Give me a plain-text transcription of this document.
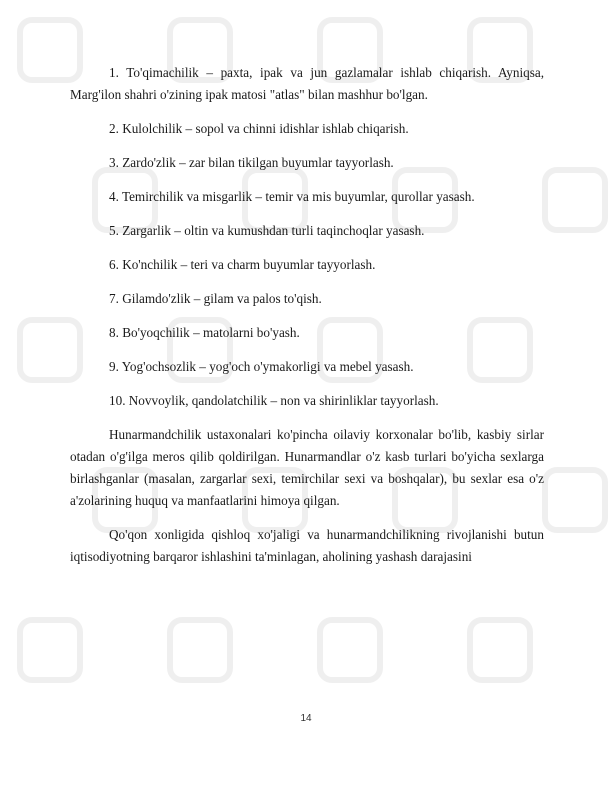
1. To'qimachilik – paxta, ipak va jun gazlamalar ishlab chiqarish. Ayniqsa, Marg'ilon shahri o'zining ipak matosi "atlas" bilan mashhur bo'lgan.

2. Kulolchilik – sopol va chinni idishlar ishlab chiqarish.

3. Zardo'zlik – zar bilan tikilgan buyumlar tayyorlash.

4. Temirchilik va misgarlik – temir va mis buyumlar, qurollar yasash.

5. Zargarlik – oltin va kumushdan turli taqinchoqlar yasash.

6. Ko'nchilik – teri va charm buyumlar tayyorlash.

7. Gilamdo'zlik – gilam va palos to'qish.

8. Bo'yoqchilik – matolarni bo'yash.

9. Yog'ochsozlik – yog'och o'ymakorligi va mebel yasash.

10. Novvoylik, qandolatchilik – non va shirinliklar tayyorlash.

Hunarmandchilik ustaxonalari ko'pincha oilaviy korxonalar bo'lib, kasbiy sirlar otadan o'g'ilga meros qilib qoldirilgan. Hunarmandlar o'z kasb turlari bo'yicha sexlarga birlashganlar (masalan, zargarlar sexi, temirchilar sexi va boshqalar), bu sexlar esa o'z a'zolarining huquq va manfaatlarini himoya qilgan.

Qo'qon xonligida qishloq xo'jaligi va hunarmandchilikning rivojlanishi butun iqtisodiyotning barqaror ishlashini ta'minlagan, aholining yashash darajasini

14
